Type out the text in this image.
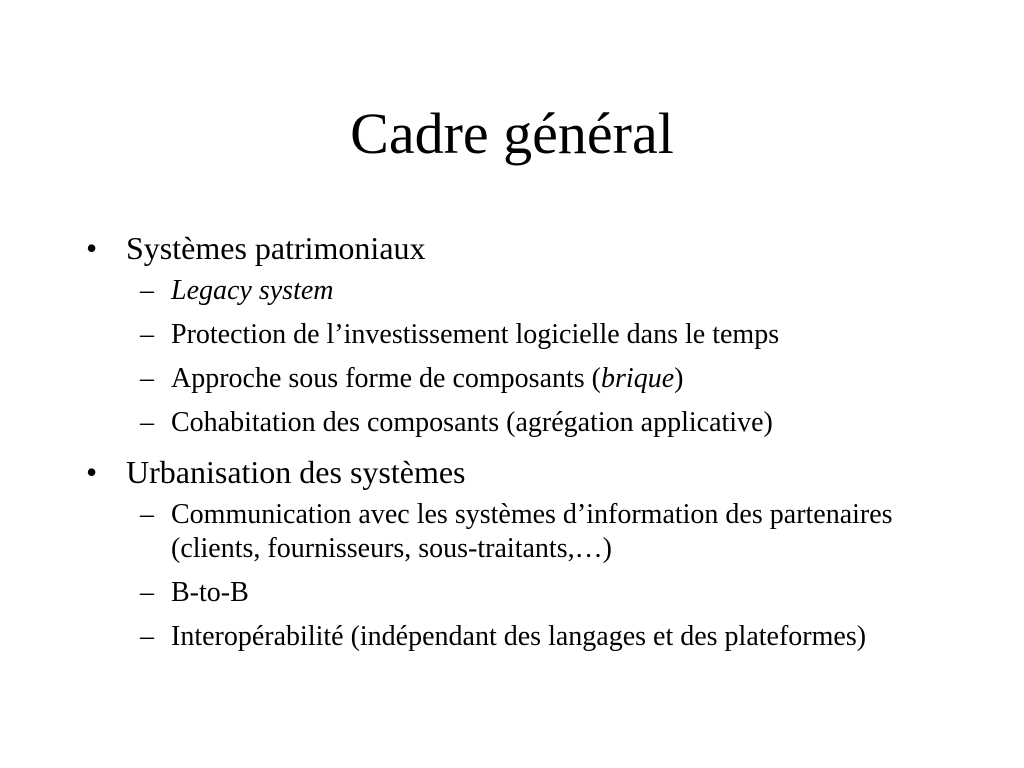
Cadre général
• Systèmes patrimoniaux
– Legacy system
– Protection de l’investissement logicielle dans le temps
– Approche sous forme de composants (brique)
– Cohabitation des composants (agrégation applicative)
• Urbanisation des systèmes
– Communication avec les systèmes d’information des partenaires (clients, fournisseurs, sous-traitants,…)
– B-to-B
– Interopérabilité (indépendant des langages et des plateformes)
